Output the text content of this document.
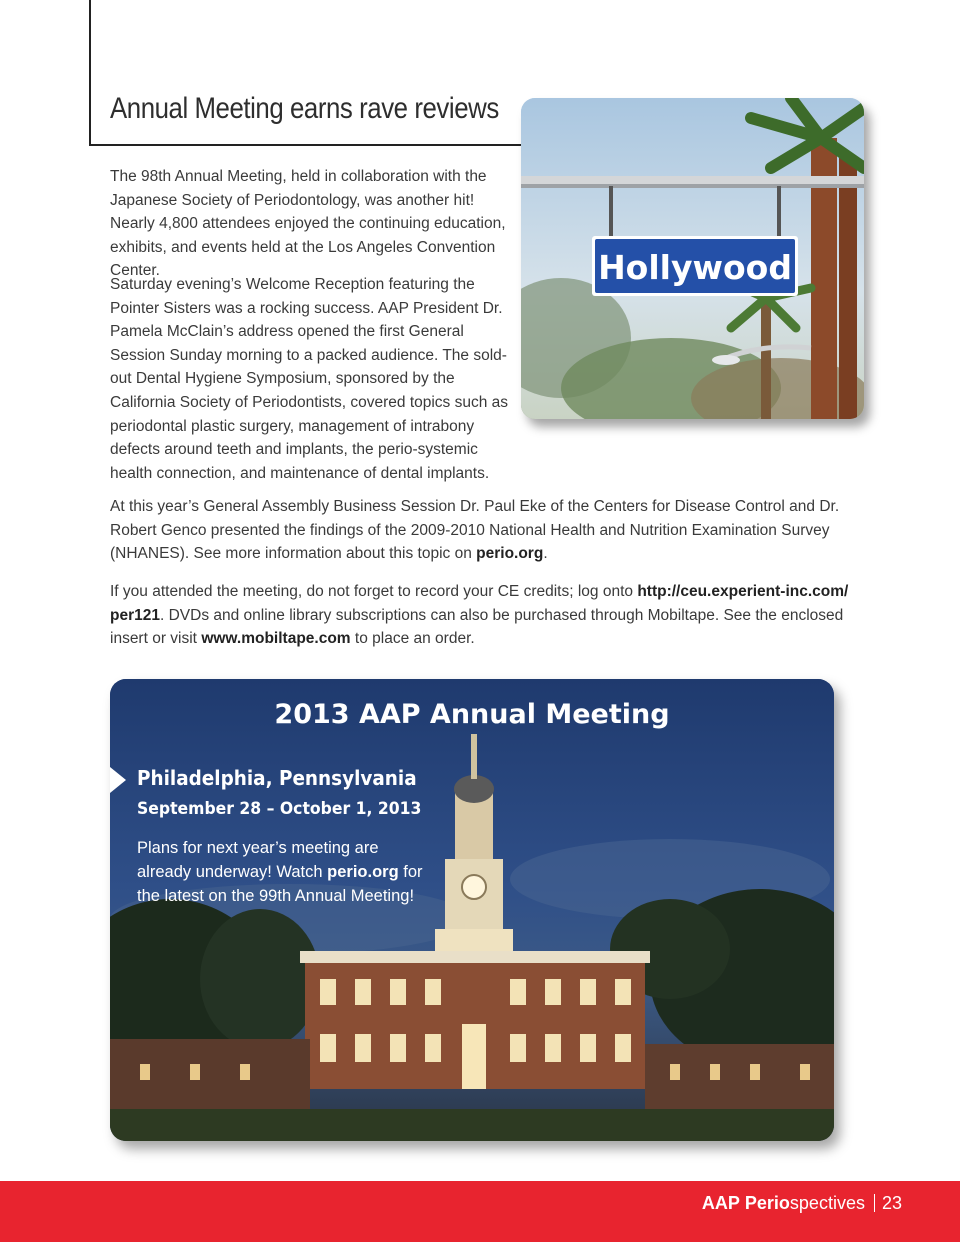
Annual Meeting earns rave reviews

The 98th Annual Meeting, held in collaboration with the Japanese Society of Periodontology, was another hit! Nearly 4,800 attendees enjoyed the continuing education, exhibits, and events held at the Los Angeles Convention Center.

Saturday evening’s Welcome Reception featuring the Pointer Sisters was a rocking success. AAP President Dr. Pamela McClain’s address opened the first General Session Sunday morning to a packed audience. The sold-out Dental Hygiene Symposium, sponsored by the California Society of Periodontists, covered topics such as periodontal plastic surgery, management of intrabony defects around teeth and implants, the perio-systemic health connection, and maintenance of dental implants.

At this year’s General Assembly Business Session Dr. Paul Eke of the Centers for Disease Control and Dr. Robert Genco presented the findings of the 2009-2010 National Health and Nutrition Examination Survey (NHANES). See more information about this topic on perio.org.

If you attended the meeting, do not forget to record your CE credits; log onto http://ceu.experient-inc.com/ per121. DVDs and online library subscriptions can also be purchased through Mobiltape. See the enclosed insert or visit www.mobiltape.com to place an order.

Hollywood
2013 AAP Annual Meeting

Philadelphia, Pennsylvania

September 28 – October 1, 2013

Plans for next year’s meeting are already underway! Watch perio.org for the latest on the 99th Annual Meeting!

AAP Periospectives 23
